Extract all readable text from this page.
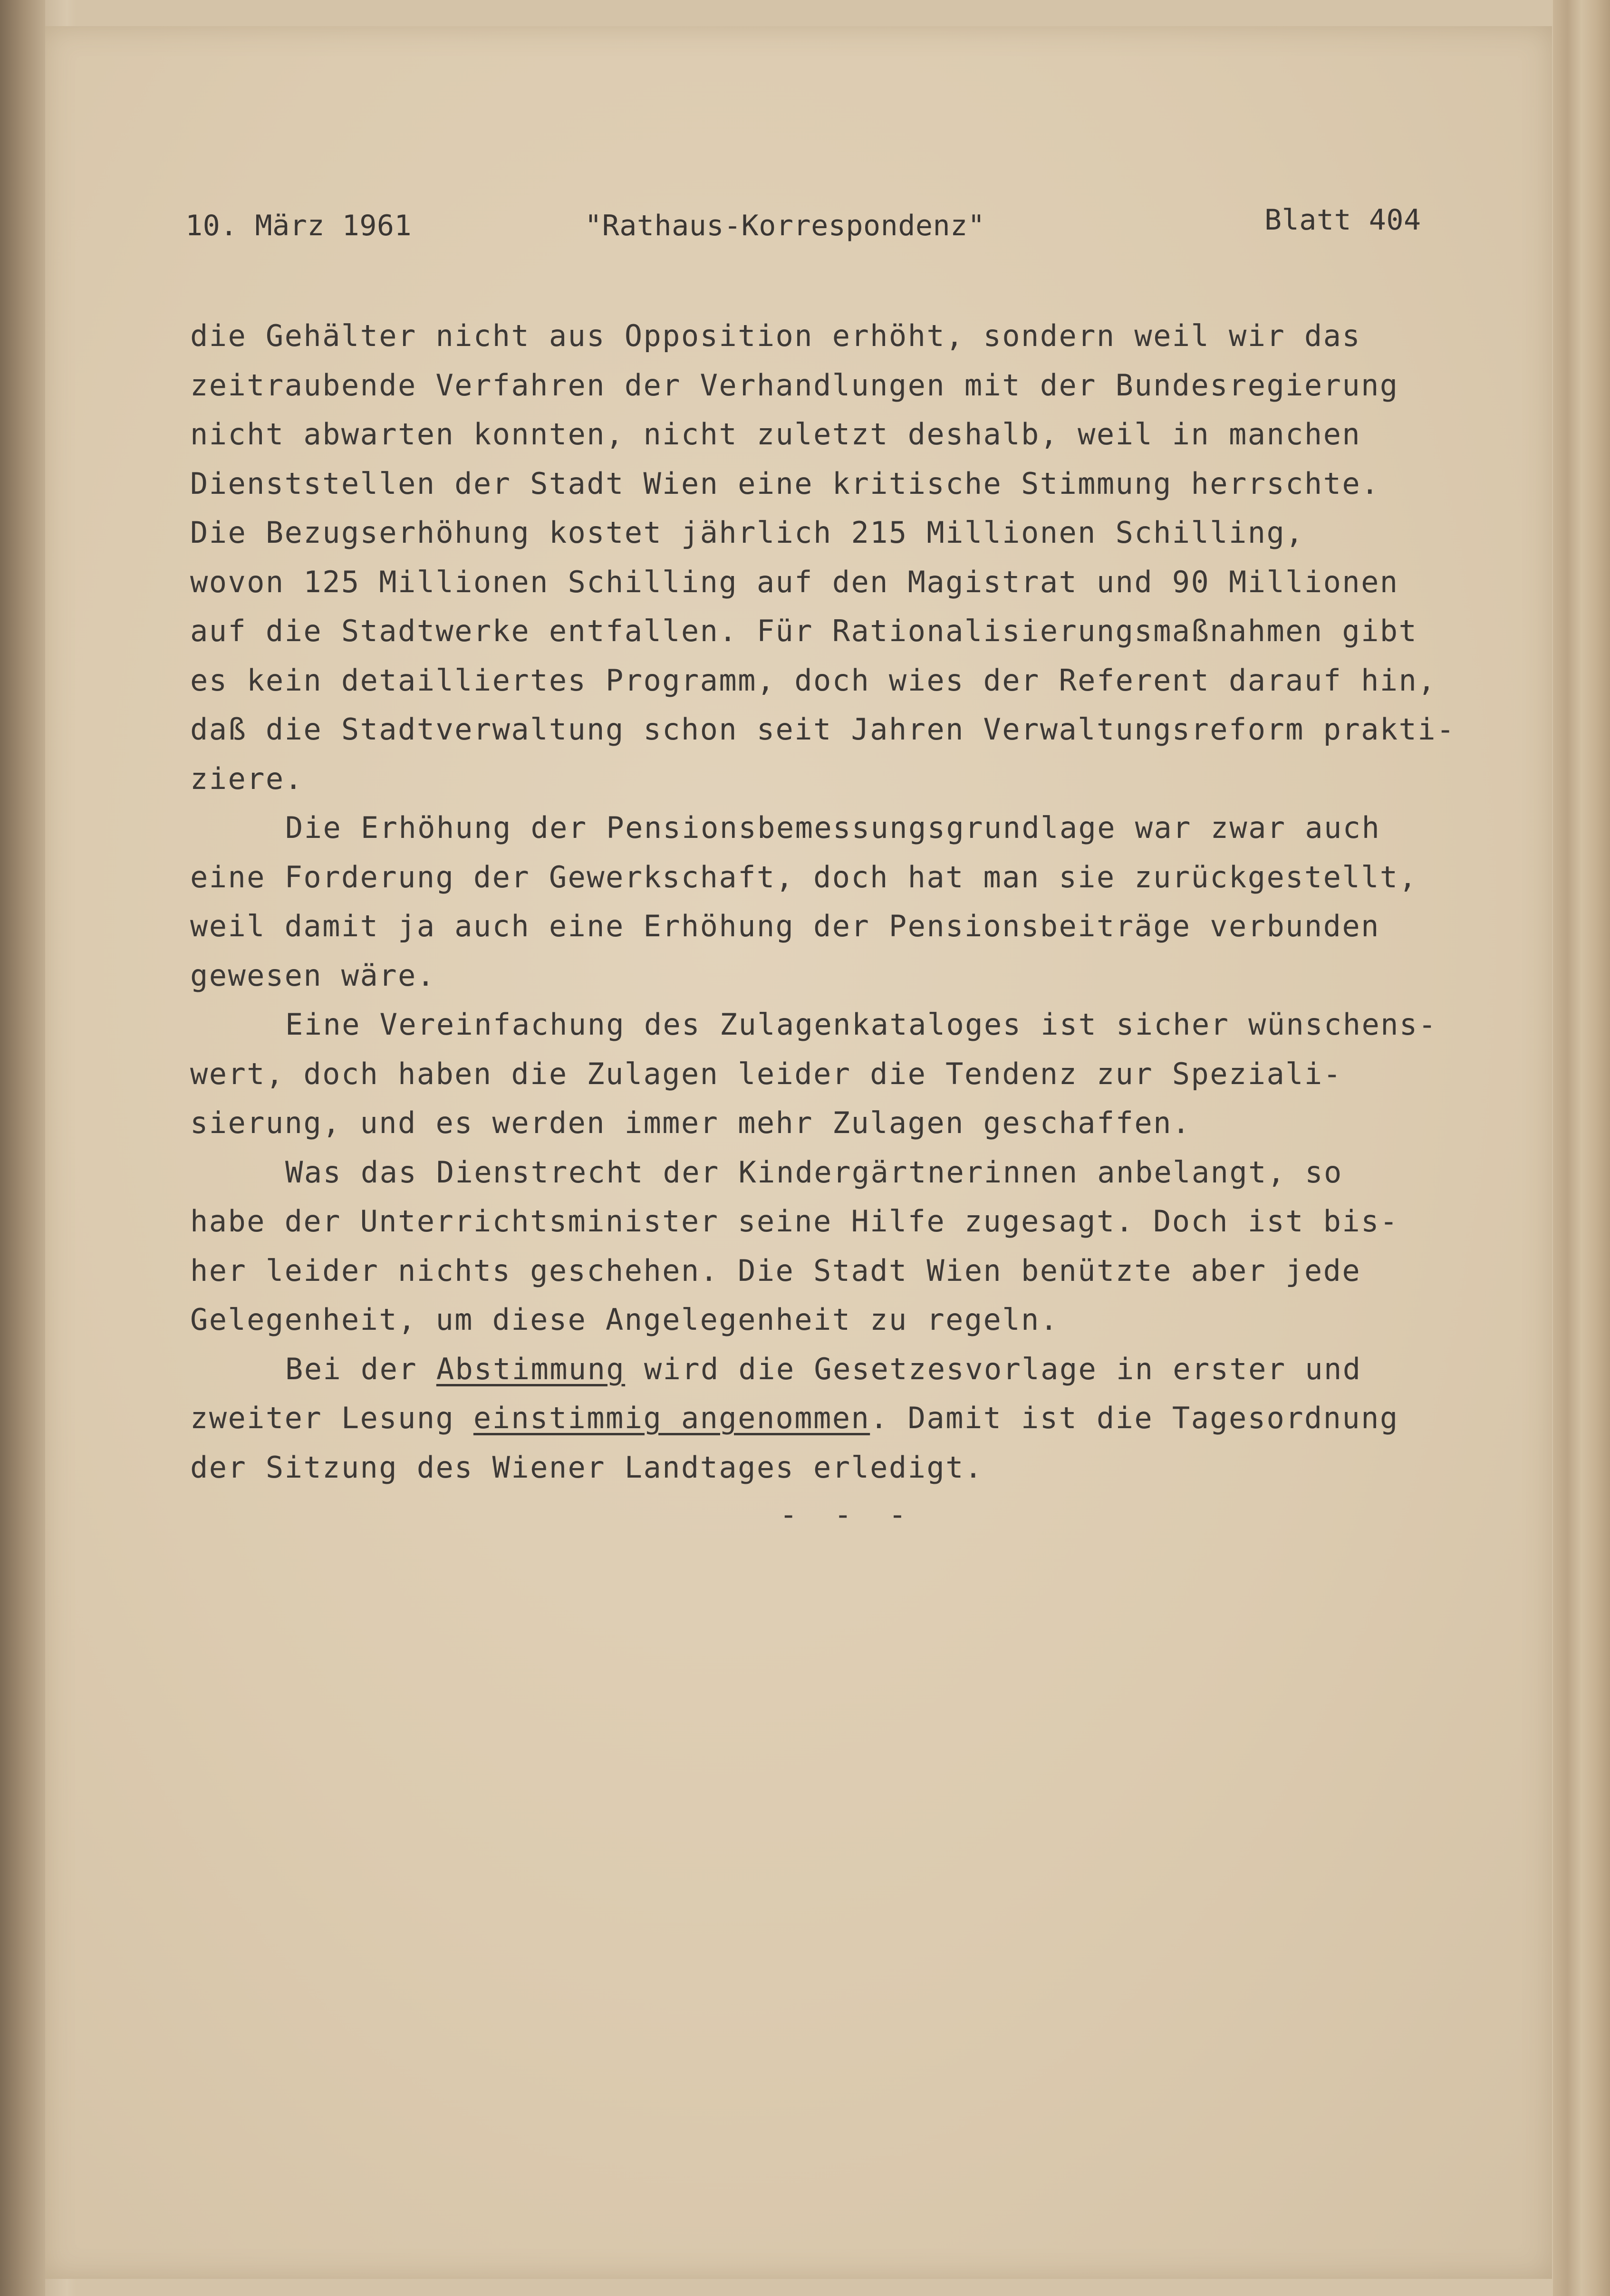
10. März 1961	"Rathaus-Korrespondenz"	Blatt 404
die Gehälter nicht aus Opposition erhöht, sondern weil wir das
zeitraubende Verfahren der Verhandlungen mit der Bundesregierung
nicht abwarten konnten, nicht zuletzt deshalb, weil in manchen
Dienststellen der Stadt Wien eine kritische Stimmung herrschte.
Die Bezugserhöhung kostet jährlich 215 Millionen Schilling,
wovon 125 Millionen Schilling auf den Magistrat und 90 Millionen
auf die Stadtwerke entfallen. Für Rationalisierungsmaßnahmen gibt
es kein detailliertes Programm, doch wies der Referent darauf hin,
daß die Stadtverwaltung schon seit Jahren Verwaltungsreform prakti-
ziere.
Die Erhöhung der Pensionsbemessungsgrundlage war zwar auch
eine Forderung der Gewerkschaft, doch hat man sie zurückgestellt,
weil damit ja auch eine Erhöhung der Pensionsbeiträge verbunden
gewesen wäre.
Eine Vereinfachung des Zulagenkataloges ist sicher wünschens-
wert, doch haben die Zulagen leider die Tendenz zur Speziali-
sierung, und es werden immer mehr Zulagen geschaffen.
Was das Dienstrecht der Kindergärtnerinnen anbelangt, so
habe der Unterrichtsminister seine Hilfe zugesagt. Doch ist bis-
her leider nichts geschehen. Die Stadt Wien benützte aber jede
Gelegenheit, um diese Angelegenheit zu regeln.
Bei der Abstimmung wird die Gesetzesvorlage in erster und
zweiter Lesung einstimmig angenommen. Damit ist die Tagesordnung
der Sitzung des Wiener Landtages erledigt.
- - -
